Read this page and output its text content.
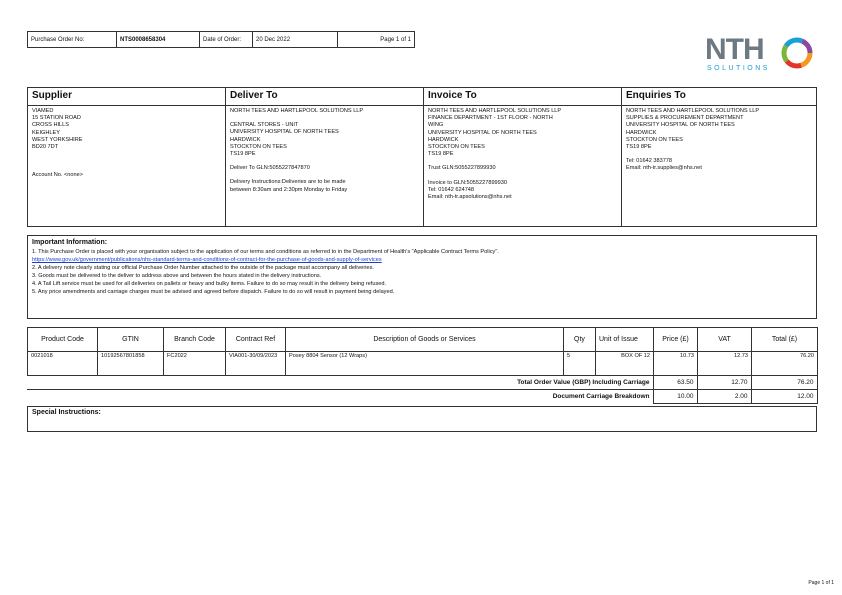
Purchase Order No:	NTS0008658304	Date of Order:	20 Dec 2022	Page 1 of 1	NTH
SOLUTIONS
Supplier
VIAMED
15 STATION ROAD
CROSS HILLS
KEIGHLEY
WEST YORKSHIRE
BD20 7DT
Account No. <none>
Deliver To
NORTH TEES AND HARTLEPOOL SOLUTIONS LLP
CENTRAL STORES - UNIT
UNIVERSITY HOSPITAL OF NORTH TEES
HARDWICK
STOCKTON ON TEES
TS19 8PE
Deliver To GLN:5055227847870
Delivery Instructions:Deliveries are to be made
between 8:30am and 2:30pm Monday to Friday
Invoice To
NORTH TEES AND HARTLEPOOL SOLUTIONS LLP
FINANCE DEPARTMENT - 1ST FLOOR - NORTH
WING
UNIVERSITY HOSPITAL OF NORTH TEES
HARDWICK
STOCKTON ON TEES
TS19 8PE
Trust GLN:5055227899930
Invoice to GLN:5055227899930
Tel: 01642 624748
Email: nth-tr.apsolutions@nhs.net
Enquiries To
NORTH TEES AND HARTLEPOOL SOLUTIONS LLP
SUPPLIES & PROCUREMENT DEPARTMENT
UNIVERSITY HOSPITAL OF NORTH TEES
HARDWICK
STOCKTON ON TEES
TS19 8PE
Tel: 01642 383778
Email: nth-tr.supplies@nhs.net
Important Information:
1. This Purchase Order is placed with your organisation subject to the application of our terms and conditions as referred to in the Department of Health's "Applicable Contract Terms Policy".
https://www.gov.uk/government/publications/nhs-standard-terms-and-conditions-of-contract-for-the-purchase-of-goods-and-supply-of-services
2. A delivery note clearly stating our official Purchase Order Number attached to the outside of the package must accompany all deliveries.
3. Goods must be delivered to the deliver to address above and between the hours stated in the delivery instructions.
4. A Tail Lift service must be used for all deliveries on pallets or heavy and bulky items. Failure to do so may result in the delivery being refused.
5. Any price amendments and carriage charges must be advised and agreed before dispatch. Failure to do so will result in payment being delayed.
Product Code	GTIN	Branch Code	Contract Ref	Description of Goods or Services	Qty	Unit of Issue	Price (£)	VAT	Total (£)
0021018	10192567801858	FC2022	VIA001-30/09/2023	Posey 8804 Sensor (12 Wraps)	5	BOX OF 12	10.73	12.73	76.20
Total Order Value (GBP) Including Carriage	63.50	12.70	76.20
Document Carriage Breakdown	10.00	2.00	12.00
Special Instructions:
Page 1 of 1
